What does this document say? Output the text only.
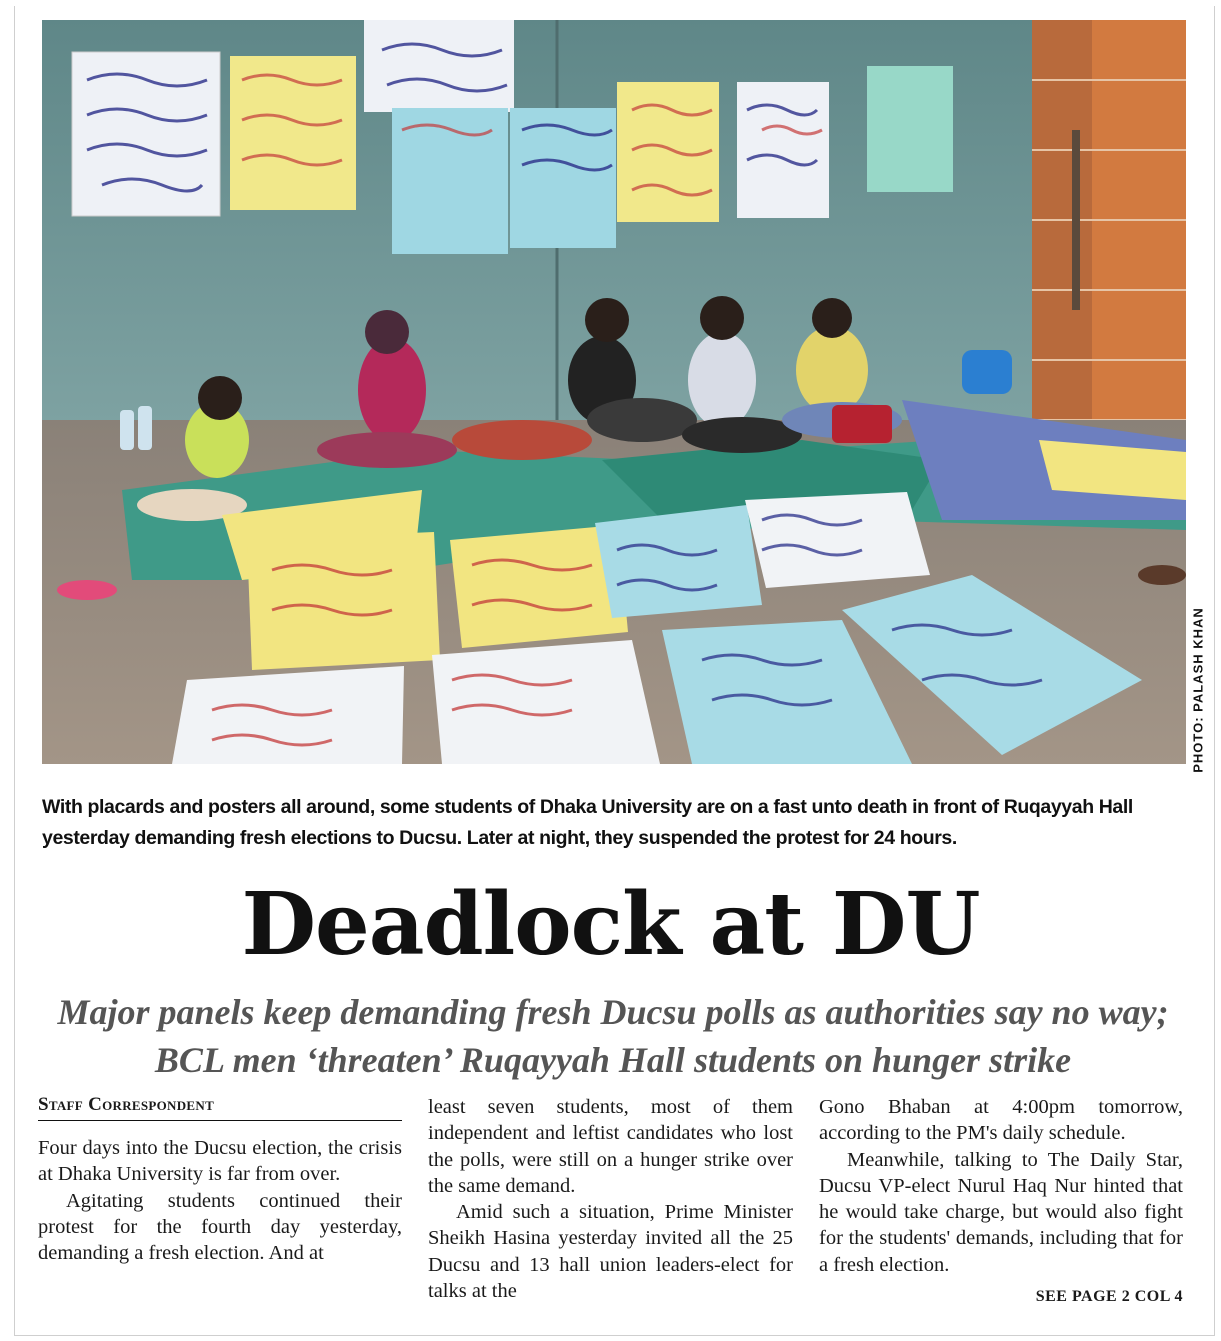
PHOTO: PALASH KHAN
With placards and posters all around, some students of Dhaka University are on a fast unto death in front of Ruqayyah Hall yesterday demanding fresh elections to Ducsu. Later at night, they suspended the protest for 24 hours.
Deadlock at DU
Major panels keep demanding fresh Ducsu polls as authorities say no way; BCL men ‘threaten’ Ruqayyah Hall students on hunger strike
Staff Correspondent

Four days into the Ducsu election, the crisis at Dhaka University is far from over.

Agitating students continued their protest for the fourth day yesterday, demanding a fresh election. And at

least seven students, most of them independent and leftist candidates who lost the polls, were still on a hunger strike over the same demand.

Amid such a situation, Prime Minister Sheikh Hasina yesterday invited all the 25 Ducsu and 13 hall union leaders-elect for talks at the

Gono Bhaban at 4:00pm tomorrow, according to the PM's daily schedule.

Meanwhile, talking to The Daily Star, Ducsu VP-elect Nurul Haq Nur hinted that he would take charge, but would also fight for the students' demands, including that for a fresh election.

SEE PAGE 2 COL 4
